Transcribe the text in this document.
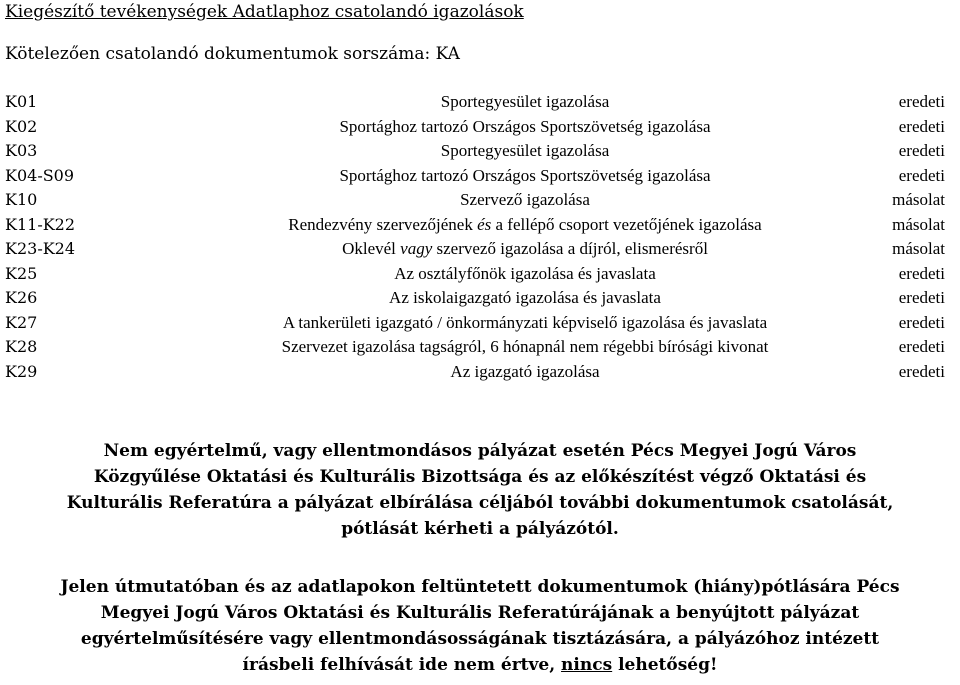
Kiegészítő tevékenységek Adatlaphoz csatolandó igazolások
Kötelezően csatolandó dokumentumok sorszáma: KA
K01	Sportegyesület igazolása	eredeti
K02	Sportághoz tartozó Országos Sportszövetség igazolása	eredeti
K03	Sportegyesület igazolása	eredeti
K04-S09	Sportághoz tartozó Országos Sportszövetség igazolása	eredeti
K10	Szervező igazolása	másolat
K11-K22	Rendezvény szervezőjének és a fellépő csoport vezetőjének igazolása	másolat
K23-K24	Oklevél vagy szervező igazolása a díjról, elismerésről	másolat
K25	Az osztályfőnök igazolása és javaslata	eredeti
K26	Az iskolaigazgató igazolása és javaslata	eredeti
K27	A tankerületi igazgató / önkormányzati képviselő igazolása és javaslata	eredeti
K28	Szervezet igazolása tagságról, 6 hónapnál nem régebbi bírósági kivonat	eredeti
K29	Az igazgató igazolása	eredeti
Nem egyértelmű, vagy ellentmondásos pályázat esetén Pécs Megyei Jogú Város
Közgyűlése Oktatási és Kulturális Bizottsága és az előkészítést végző Oktatási és
Kulturális Referatúra a pályázat elbírálása céljából további dokumentumok csatolását,
pótlását kérheti a pályázótól.
Jelen útmutatóban és az adatlapokon feltüntetett dokumentumok (hiány)pótlására Pécs
Megyei Jogú Város Oktatási és Kulturális Referatúrájának a benyújtott pályázat
egyértelműsítésére vagy ellentmondásosságának tisztázására, a pályázóhoz intézett
írásbeli felhívását ide nem értve, nincs lehetőség!
